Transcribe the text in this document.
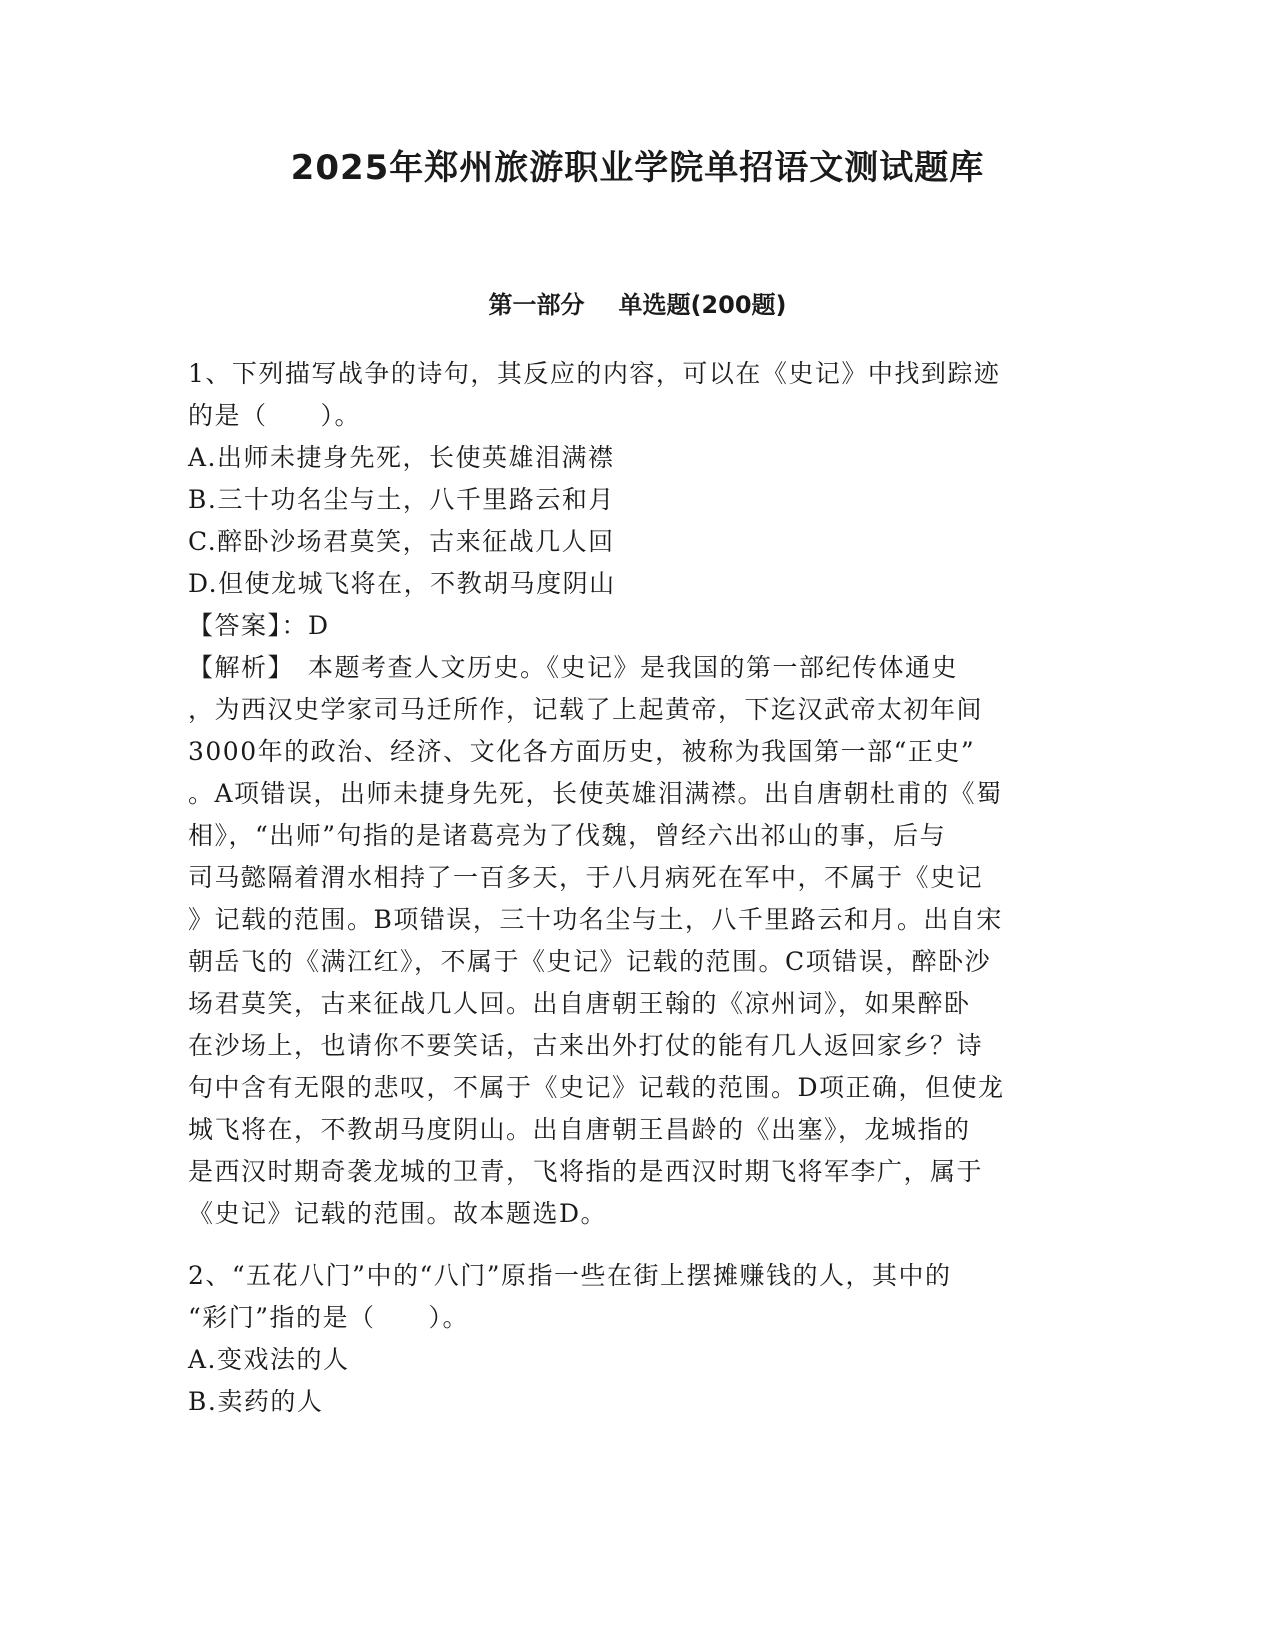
2025年郑州旅游职业学院单招语文测试题库
第一部分 单选题(200题)
1、下列描写战争的诗句，其反应的内容，可以在《史记》中找到踪迹
的是（　　）。
A.出师未捷身先死，长使英雄泪满襟
B.三十功名尘与土，八千里路云和月
C.醉卧沙场君莫笑，古来征战几人回
D.但使龙城飞将在，不教胡马度阴山
【答案】：D
【解析】　本题考查人文历史。《史记》是我国的第一部纪传体通史
，为西汉史学家司马迁所作，记载了上起黄帝，下迄汉武帝太初年间
3000年的政治、经济、文化各方面历史，被称为我国第一部“正史”
。A项错误，出师未捷身先死，长使英雄泪满襟。出自唐朝杜甫的《蜀
相》，“出师”句指的是诸葛亮为了伐魏，曾经六出祁山的事，后与
司马懿隔着渭水相持了一百多天，于八月病死在军中，不属于《史记
》记载的范围。B项错误，三十功名尘与土，八千里路云和月。出自宋
朝岳飞的《满江红》，不属于《史记》记载的范围。C项错误，醉卧沙
场君莫笑，古来征战几人回。出自唐朝王翰的《凉州词》，如果醉卧
在沙场上，也请你不要笑话，古来出外打仗的能有几人返回家乡？诗
句中含有无限的悲叹，不属于《史记》记载的范围。D项正确，但使龙
城飞将在，不教胡马度阴山。出自唐朝王昌龄的《出塞》，龙城指的
是西汉时期奇袭龙城的卫青，飞将指的是西汉时期飞将军李广，属于
《史记》记载的范围。故本题选D。
2、“五花八门”中的“八门”原指一些在街上摆摊赚钱的人，其中的
“彩门”指的是（　　）。
A.变戏法的人
B.卖药的人
